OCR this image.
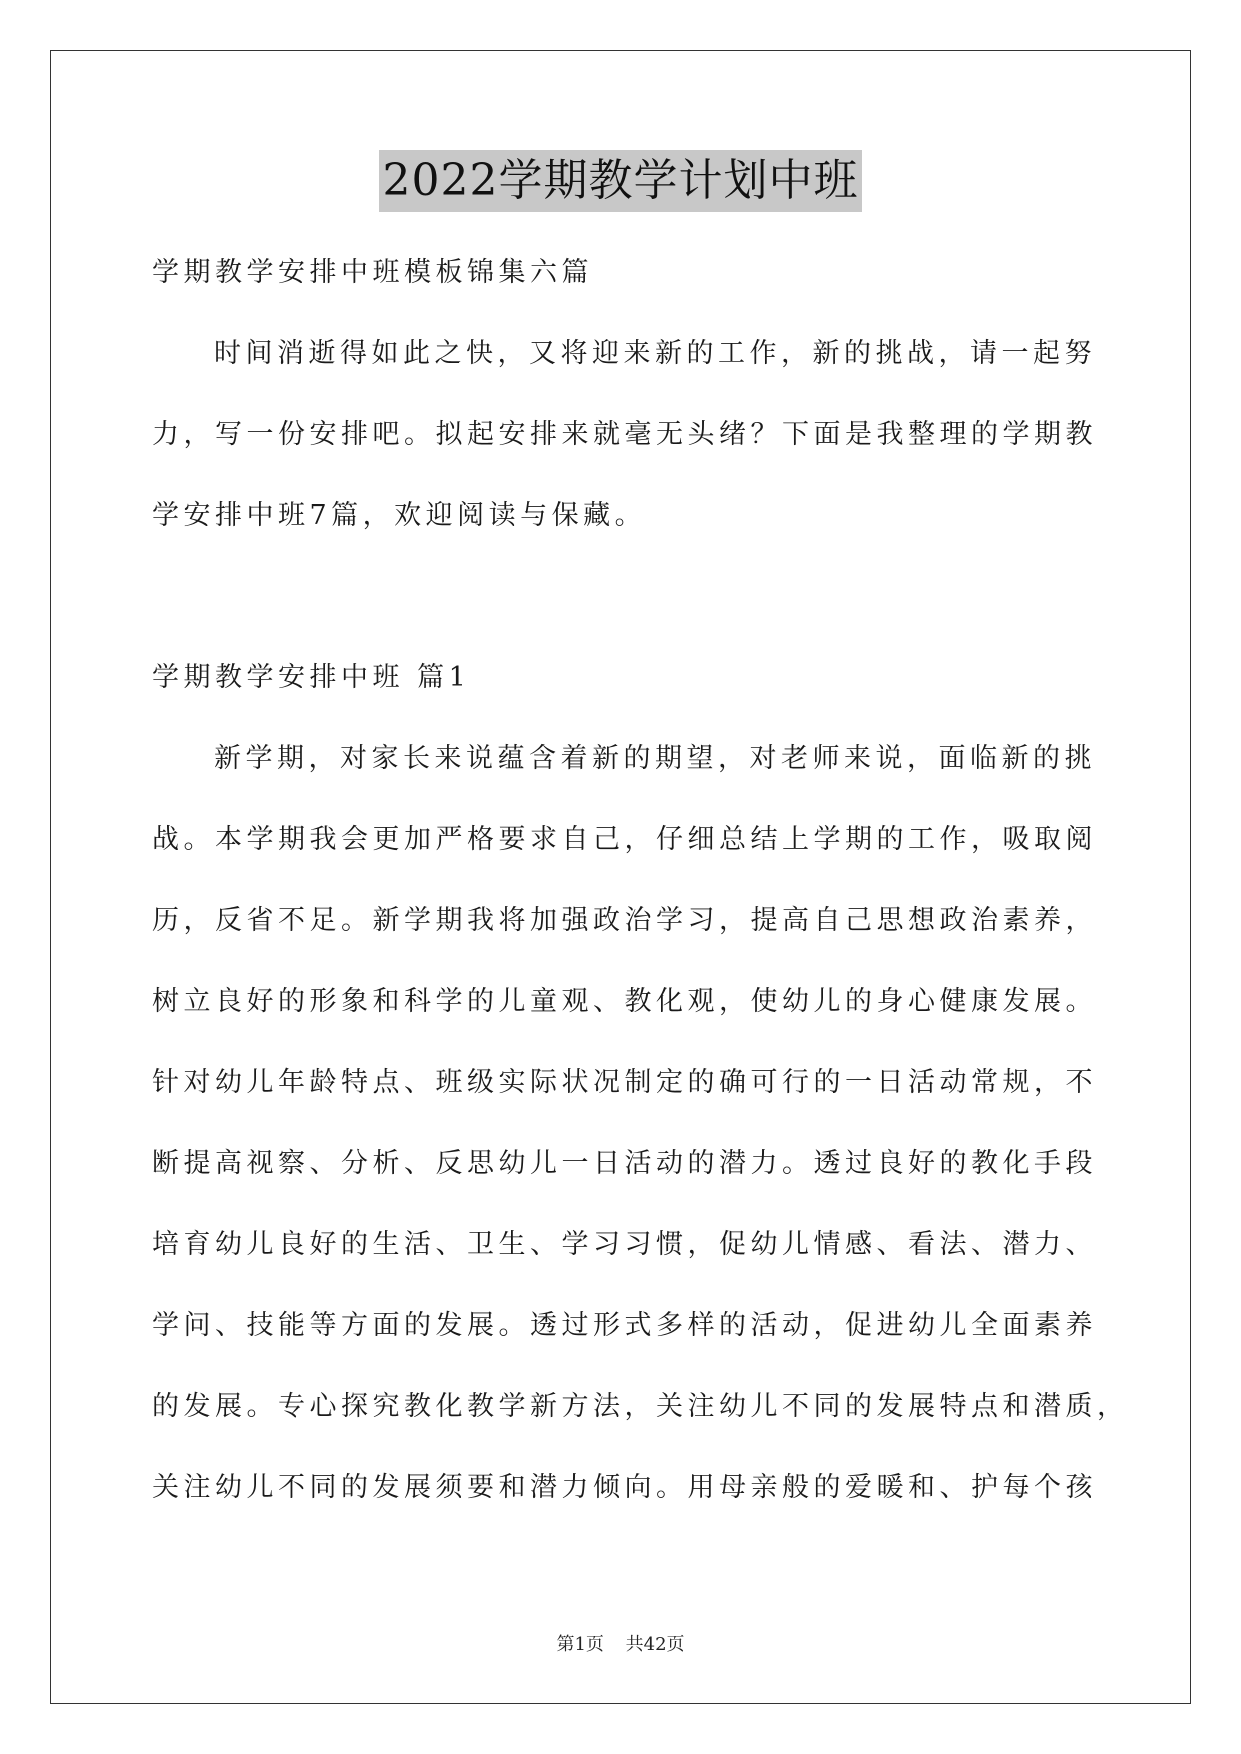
2022学期教学计划中班
学期教学安排中班模板锦集六篇
时间消逝得如此之快，又将迎来新的工作，新的挑战，请一起努
力，写一份安排吧。拟起安排来就毫无头绪？下面是我整理的学期教
学安排中班7篇，欢迎阅读与保藏。
学期教学安排中班 篇1
新学期，对家长来说蕴含着新的期望，对老师来说，面临新的挑
战。本学期我会更加严格要求自己，仔细总结上学期的工作，吸取阅
历，反省不足。新学期我将加强政治学习，提高自己思想政治素养，
树立良好的形象和科学的儿童观、教化观，使幼儿的身心健康发展。
针对幼儿年龄特点、班级实际状况制定的确可行的一日活动常规，不
断提高视察、分析、反思幼儿一日活动的潜力。透过良好的教化手段
培育幼儿良好的生活、卫生、学习习惯，促幼儿情感、看法、潜力、
学问、技能等方面的发展。透过形式多样的活动，促进幼儿全面素养
的发展。专心探究教化教学新方法，关注幼儿不同的发展特点和潜质，
关注幼儿不同的发展须要和潜力倾向。用母亲般的爱暖和、护每个孩
第1页 共42页
